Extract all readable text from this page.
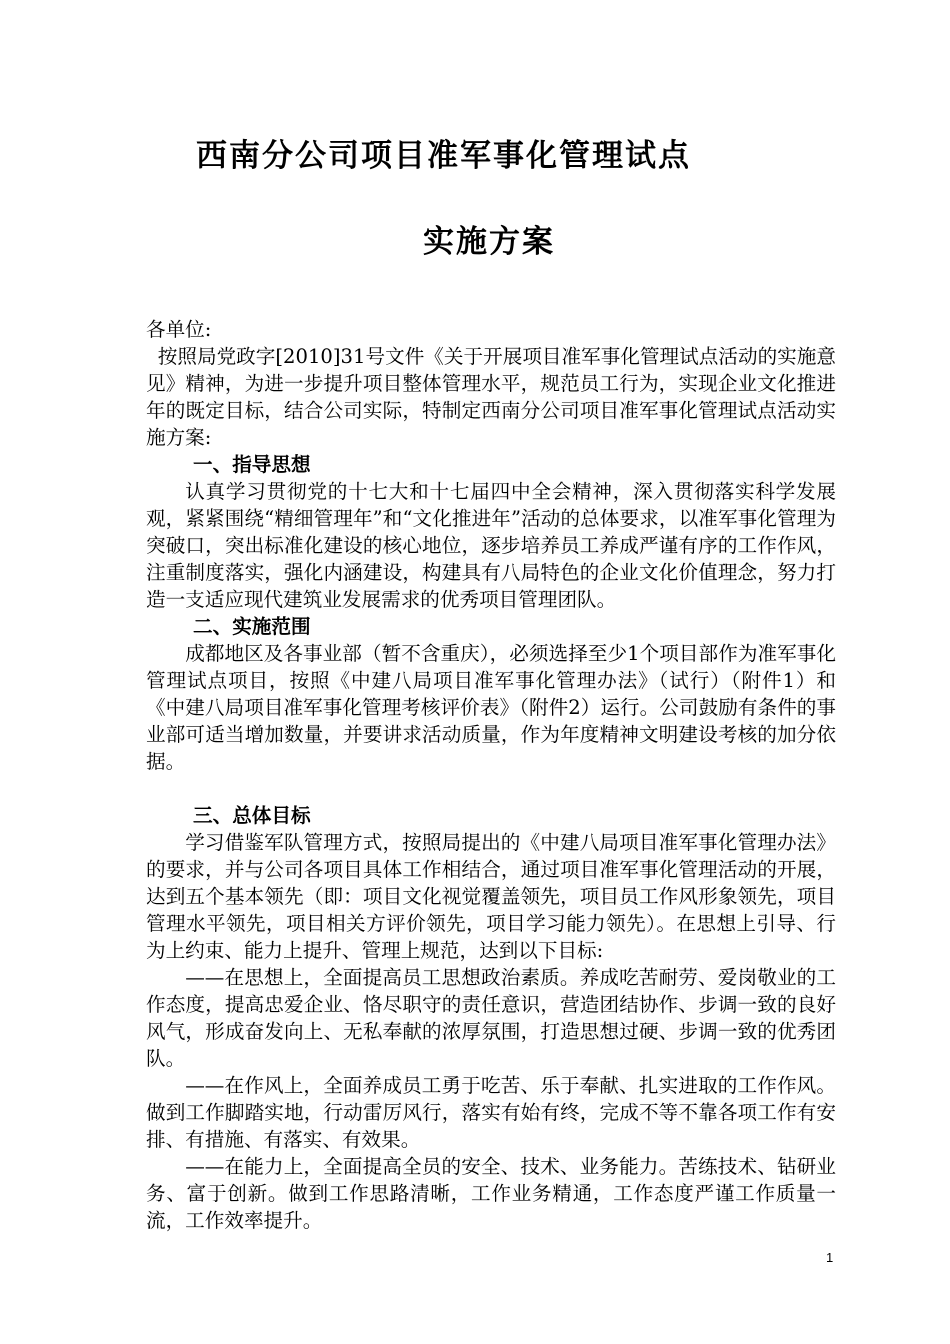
西南分公司项目准军事化管理试点
实施方案

各单位:

按照局党政字[2010]31号文件《关于开展项目准军事化管理试点活动的实施意见》精神，为进一步提升项目整体管理水平，规范员工行为，实现企业文化推进年的既定目标，结合公司实际，特制定西南分公司项目准军事化管理试点活动实施方案:

一、指导思想

认真学习贯彻党的十七大和十七届四中全会精神，深入贯彻落实科学发展观，紧紧围绕“精细管理年”和“文化推进年”活动的总体要求，以准军事化管理为突破口，突出标准化建设的核心地位，逐步培养员工养成严谨有序的工作作风，注重制度落实，强化内涵建设，构建具有八局特色的企业文化价值理念，努力打造一支适应现代建筑业发展需求的优秀项目管理团队。

二、实施范围

成都地区及各事业部（暂不含重庆），必须选择至少1个项目部作为准军事化管理试点项目，按照《中建八局项目准军事化管理办法》（试行）（附件1）和《中建八局项目准军事化管理考核评价表》（附件2）运行。公司鼓励有条件的事业部可适当增加数量，并要讲求活动质量，作为年度精神文明建设考核的加分依据。

三、总体目标

学习借鉴军队管理方式，按照局提出的《中建八局项目准军事化管理办法》的要求，并与公司各项目具体工作相结合，通过项目准军事化管理活动的开展，达到五个基本领先（即：项目文化视觉覆盖领先，项目员工作风形象领先，项目管理水平领先，项目相关方评价领先，项目学习能力领先）。在思想上引导、行为上约束、能力上提升、管理上规范，达到以下目标:

——在思想上，全面提高员工思想政治素质。养成吃苦耐劳、爱岗敬业的工作态度，提高忠爱企业、恪尽职守的责任意识，营造团结协作、步调一致的良好风气，形成奋发向上、无私奉献的浓厚氛围，打造思想过硬、步调一致的优秀团队。

——在作风上，全面养成员工勇于吃苦、乐于奉献、扎实进取的工作作风。做到工作脚踏实地，行动雷厉风行，落实有始有终，完成不等不靠各项工作有安排、有措施、有落实、有效果。

——在能力上，全面提高全员的安全、技术、业务能力。苦练技术、钻研业务、富于创新。做到工作思路清晰，工作业务精通，工作态度严谨工作质量一流，工作效率提升。

1
